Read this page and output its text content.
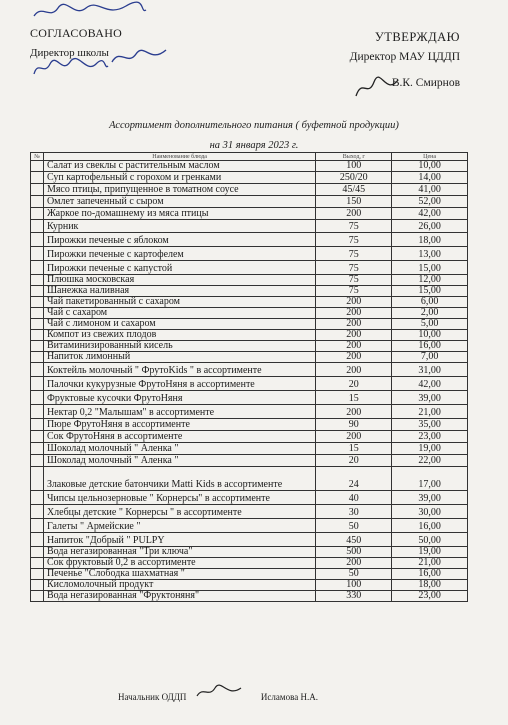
СОГЛАСОВАНО
Директор школы
УТВЕРЖДАЮ
Директор МАУ ЦДДП
В.К. Смирнов
Ассортимент дополнительного питания ( буфетной продукции)
на 31 января 2023 г.
№	Наименование блюда	Выход, г	Цена
	Салат из свеклы с растительным маслом	100	10,00
	Суп картофельный с горохом и гренками	250/20	14,00
	Мясо птицы, припущенное в томатном соусе	45/45	41,00
	Омлет запеченный с сыром	150	52,00
	Жаркое по-домашнему из мяса птицы	200	42,00
	Курник	75	26,00
	Пирожки печеные с яблоком	75	18,00
	Пирожки печеные с картофелем	75	13,00
	Пирожки печеные с капустой	75	15,00
	Плюшка московская	75	12,00
	Шанежка наливная	75	15,00
	Чай пакетированный с сахаром	200	6,00
	Чай с сахаром	200	2,00
	Чай с лимоном и сахаром	200	5,00
	Компот из свежих плодов	200	10,00
	Витаминизированный кисель	200	16,00
	Напиток лимонный	200	7,00
	Коктейль молочный " ФрутоKids " в ассортименте	200	31,00
	Палочки кукурузные ФрутоНяня в ассортименте	20	42,00
	Фруктовые кусочки ФрутоНяня	15	39,00
	Нектар 0,2 "Малышам" в ассортименте	200	21,00
	Пюре ФрутоНяня в ассортименте	90	35,00
	Сок ФрутоНяня в ассортименте	200	23,00
	Шоколад молочный " Аленка "	15	19,00
	Шоколад молочный " Аленка "	20	22,00
	Злаковые детские батончики Matti Kids в ассортименте	24	17,00
	Чипсы цельнозерновые " Корнерсы" в ассортименте	40	39,00
	Хлебцы детские " Корнерсы " в ассортименте	30	30,00
	Галеты " Армейские "	50	16,00
	Напиток "Добрый " PULPY	450	50,00
	Вода негазированная "Три ключа"	500	19,00
	Сок фруктовый 0,2 в ассортименте	200	21,00
	Печенье "Слободка шахматная "	50	16,00
	Кисломолочный продукт	100	18,00
	Вода негазированная "Фруктоняня"	330	23,00
Начальник ОДДП	Исламова Н.А.
